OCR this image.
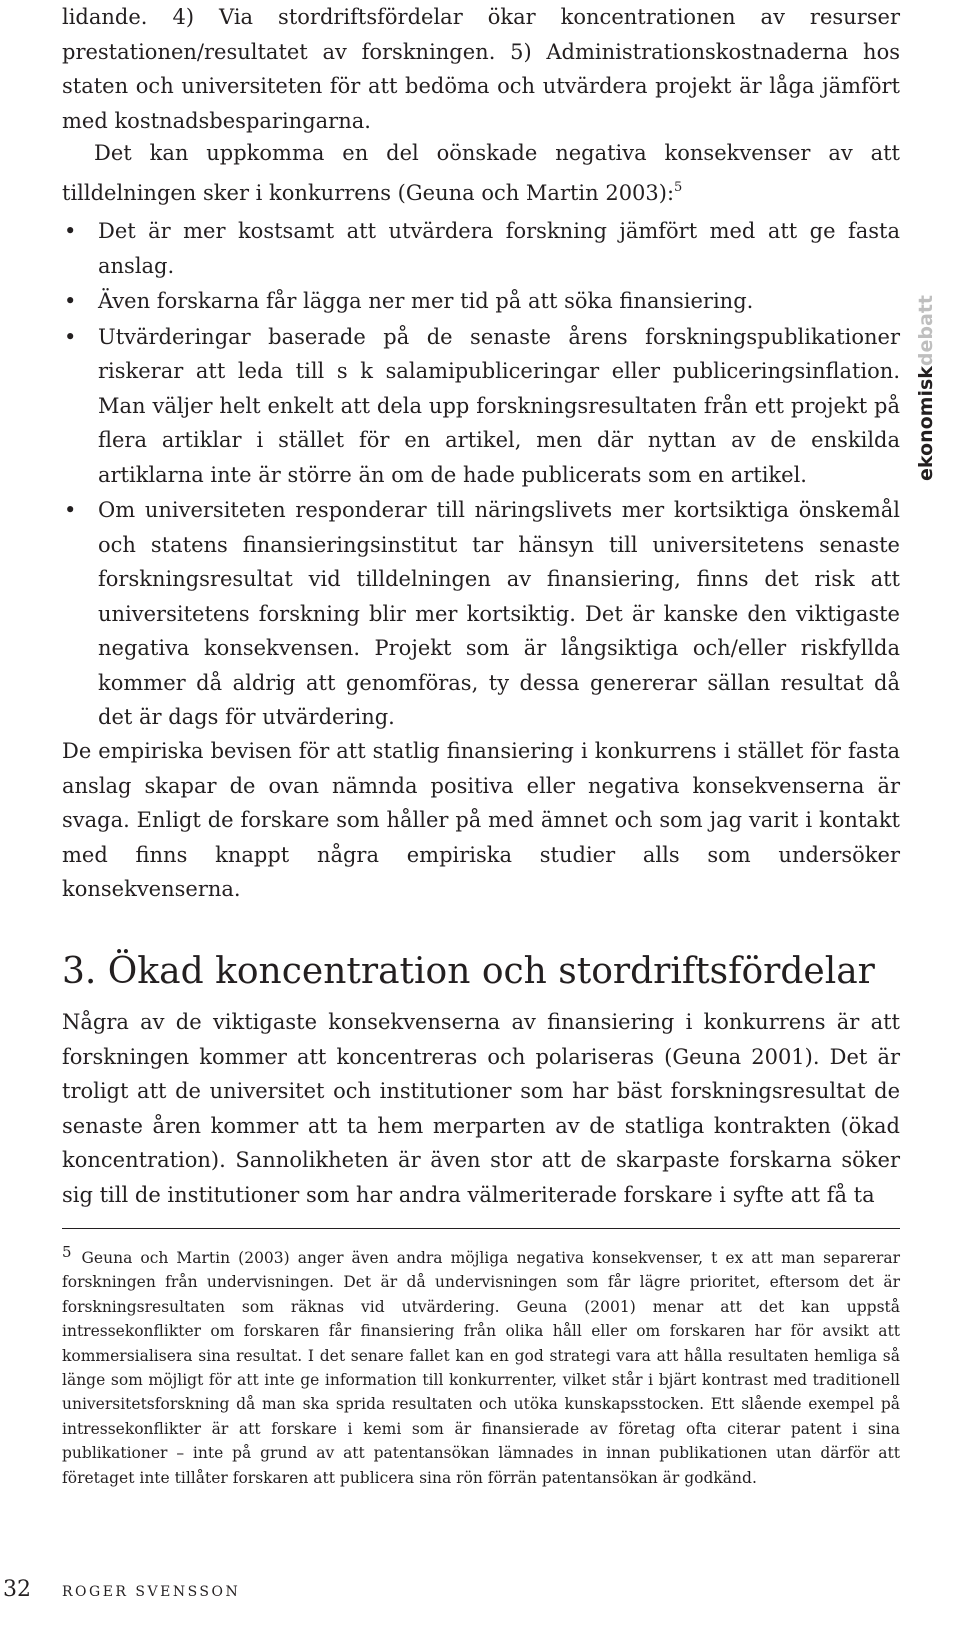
lidande. 4) Via stordriftsfördelar ökar koncentrationen av resurser prestationen/resultatet av forskningen. 5) Administrationskostnaderna hos staten och universiteten för att bedöma och utvärdera projekt är låga jämfört med kostnadsbesparingarna.

Det kan uppkomma en del oönskade negativa konsekvenser av att tilldelningen sker i konkurrens (Geuna och Martin 2003):$^5$

• Det är mer kostsamt att utvärdera forskning jämfört med att ge fasta anslag.
• Även forskarna får lägga ner mer tid på att söka finansiering.
• Utvärderingar baserade på de senaste årens forskningspublikationer riskerar att leda till s k salamipubliceringar eller publiceringsinflation. Man väljer helt enkelt att dela upp forskningsresultaten från ett projekt på flera artiklar i stället för en artikel, men där nyttan av de enskilda artiklarna inte är större än om de hade publicerats som en artikel.
• Om universiteten responderar till näringslivets mer kortsiktiga önskemål och statens finansieringsinstitut tar hänsyn till universitetens senaste forskningsresultat vid tilldelningen av finansiering, finns det risk att universitetens forskning blir mer kortsiktig. Det är kanske den viktigaste negativa konsekvensen. Projekt som är långsiktiga och/eller riskfyllda kommer då aldrig att genomföras, ty dessa genererar sällan resultat då det är dags för utvärdering.

De empiriska bevisen för att statlig finansiering i konkurrens i stället för fasta anslag skapar de ovan nämnda positiva eller negativa konsekvenserna är svaga. Enligt de forskare som håller på med ämnet och som jag varit i kontakt med finns knappt några empiriska studier alls som undersöker konsekvenserna.

3. Ökad koncentration och stordriftsfördelar

Några av de viktigaste konsekvenserna av finansiering i konkurrens är att forskningen kommer att koncentreras och polariseras (Geuna 2001). Det är troligt att de universitet och institutioner som har bäst forskningsresultat de senaste åren kommer att ta hem merparten av de statliga kontrakten (ökad koncentration). Sannolikheten är även stor att de skarpaste forskarna söker sig till de institutioner som har andra välmeriterade forskare i syfte att få ta

$^5$ Geuna och Martin (2003) anger även andra möjliga negativa konsekvenser, t ex att man separerar forskningen från undervisningen. Det är då undervisningen som får lägre prioritet, eftersom det är forskningsresultaten som räknas vid utvärdering. Geuna (2001) menar att det kan uppstå intressekonflikter om forskaren får finansiering från olika håll eller om forskaren har för avsikt att kommersialisera sina resultat. I det senare fallet kan en god strategi vara att hålla resultaten hemliga så länge som möjligt för att inte ge information till konkurrenter, vilket står i bjärt kontrast med traditionell universitetsforskning då man ska sprida resultaten och utöka kunskapsstocken. Ett slående exempel på intressekonflikter är att forskare i kemi som är finansierade av företag ofta citerar patent i sina publikationer – inte på grund av att patentansökan lämnades in innan publikationen utan därför att företaget inte tillåter forskaren att publicera sina rön förrän patentansökan är godkänd.

ekonomiskdebatt
32 ROGER SVENSSON
